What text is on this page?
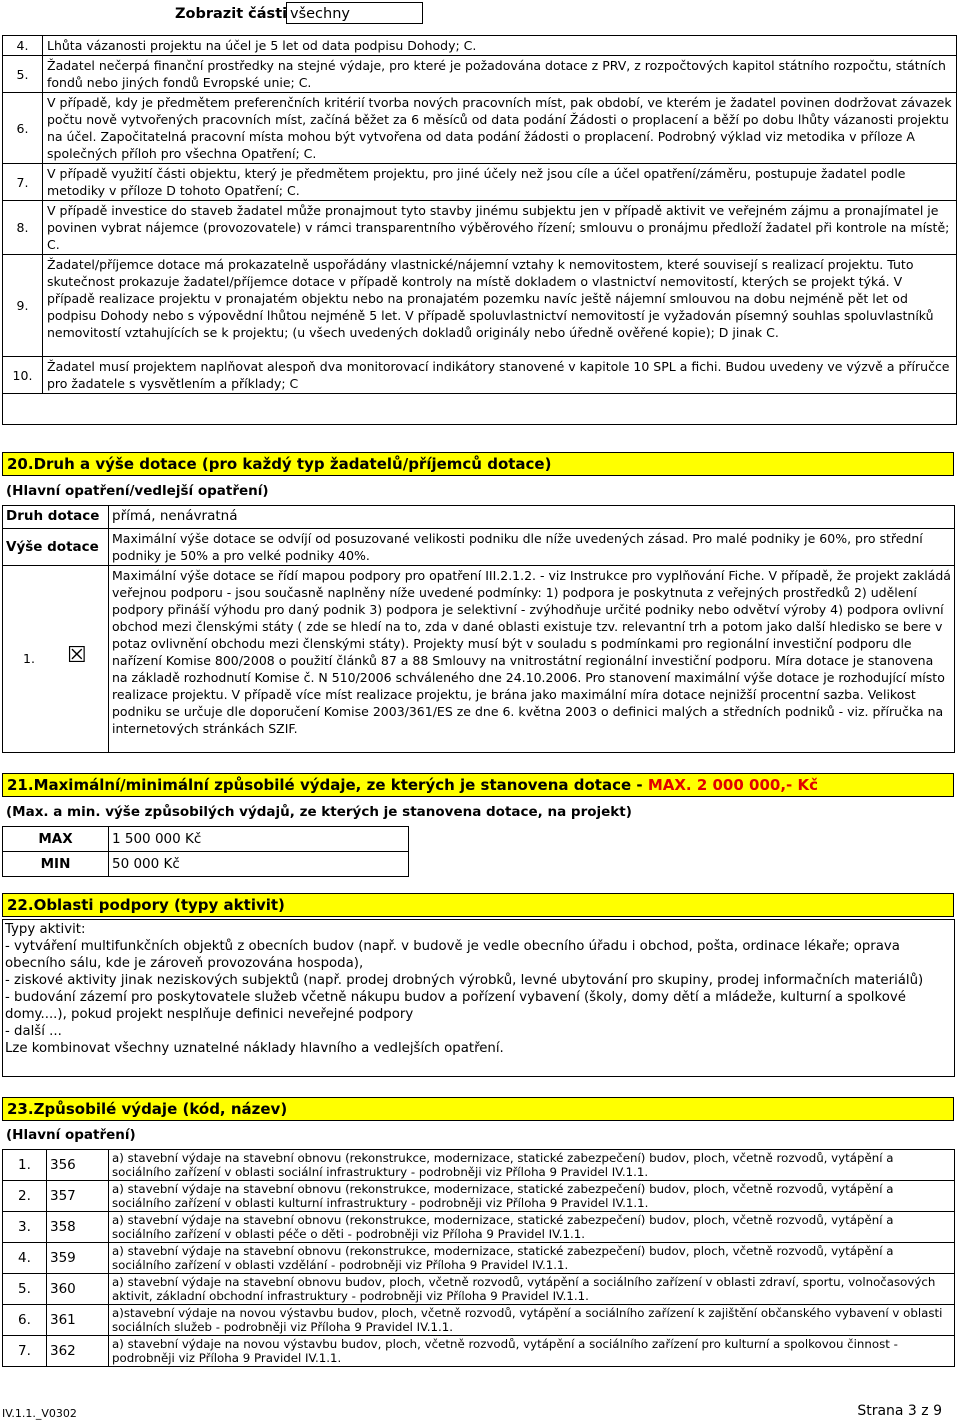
Zobrazit části všechny
4.	Lhůta vázanosti projektu na účel je 5 let od data podpisu Dohody; C.
5.	Žadatel nečerpá finanční prostředky na stejné výdaje, pro které je požadována dotace z PRV, z rozpočtových kapitol státního rozpočtu, státních fondů nebo jiných fondů Evropské unie; C.
6.	V případě, kdy je předmětem preferenčních kritérií tvorba nových pracovních míst, pak období, ve kterém je žadatel povinen dodržovat závazek počtu nově vytvořených pracovních míst, začíná běžet za 6 měsíců od data podání Žádosti o proplacení a běží po dobu lhůty vázanosti projektu na účel. Započitatelná pracovní místa mohou být vytvořena od data podání žádosti o proplacení. Podrobný výklad viz metodika v příloze A společných příloh pro všechna Opatření; C.
7.	V případě využití části objektu, který je předmětem projektu, pro jiné účely než jsou cíle a účel opatření/záměru, postupuje žadatel podle metodiky v příloze D tohoto Opatření; C.
8.	V případě investice do staveb žadatel může pronajmout tyto stavby jinému subjektu jen v případě aktivit ve veřejném zájmu a pronajímatel je povinen vybrat nájemce (provozovatele) v rámci transparentního výběrového řízení; smlouvu o pronájmu předloží žadatel při kontrole na místě; C.
9.	Žadatel/příjemce dotace má prokazatelně uspořádány vlastnické/nájemní vztahy k nemovitostem, které souvisejí s realizací projektu. Tuto skutečnost prokazuje žadatel/příjemce dotace v případě kontroly na místě dokladem o vlastnictví nemovitostí, kterých se projekt týká. V případě realizace projektu v pronajatém objektu nebo na pronajatém pozemku navíc ještě nájemní smlouvou na dobu nejméně pět let od podpisu Dohody nebo s výpovědní lhůtou nejméně 5 let. V případě spoluvlastnictví nemovitostí je vyžadován písemný souhlas spoluvlastníků nemovitostí vztahujících se k projektu; (u všech uvedených dokladů originály nebo úředně ověřené kopie); D jinak C.
10.	Žadatel musí projektem naplňovat alespoň dva monitorovací indikátory stanovené v kapitole 10 SPL a fichi. Budou uvedeny ve výzvě a příručce pro žadatele s vysvětlením a příklady; C

20.Druh a výše dotace (pro každý typ žadatelů/příjemců dotace)
(Hlavní opatření/vedlejší opatření)
Druh dotace	přímá, nenávratná
Výše dotace	Maximální výše dotace se odvíjí od posuzované velikosti podniku dle níže uvedených zásad. Pro malé podniky je 60%, pro střední podniky je 50% a pro velké podniky 40%.

1. ☒	Maximální výše dotace se řídí mapou podpory pro opatření III.2.1.2. - viz Instrukce pro vyplňování Fiche. V případě, že projekt zakládá veřejnou podporu - jsou současně naplněny níže uvedené podmínky: 1) podpora je poskytnuta z veřejných prostředků 2) udělení podpory přináší výhodu pro daný podnik 3) podpora je selektivní - zvýhodňuje určité podniky nebo odvětví výroby 4) podpora ovlivní obchod mezi členskými státy ( zde se hledí na to, zda v dané oblasti existuje tzv. relevantní trh a potom jako další hledisko se bere v potaz ovlivnění obchodu mezi členskými státy). Projekty musí být v souladu s podmínkami pro regionální investiční podporu dle nařízení Komise 800/2008 o použití článků 87 a 88 Smlouvy na vnitrostátní regionální investiční podporu. Míra dotace je stanovena na základě rozhodnutí Komise č. N 510/2006 schváleného dne 24.10.2006. Pro stanovení maximální výše dotace je rozhodující místo realizace projektu. V případě více míst realizace projektu, je brána jako maximální míra dotace nejnižší procentní sazba. Velikost podniku se určuje dle doporučení Komise 2003/361/ES ze dne 6. května 2003 o definici malých a středních podniků - viz. příručka na internetových stránkách SZIF.
21.Maximální/minimální způsobilé výdaje, ze kterých je stanovena dotace - MAX. 2 000 000,- Kč
(Max. a min. výše způsobilých výdajů, ze kterých je stanovena dotace, na projekt)
MAX	1 500 000 Kč
MIN	50 000 Kč
22.Oblasti podpory (typy aktivit)
Typy aktivit:
- vytváření multifunkčních objektů z obecních budov (např. v budově je vedle obecního úřadu i obchod, pošta, ordinace lékaře; oprava obecního sálu, kde je zároveň provozována hospoda),
- ziskové aktivity jinak neziskových subjektů (např. prodej drobných výrobků, levné ubytování pro skupiny, prodej informačních materiálů)
- budování zázemí pro poskytovatele služeb včetně nákupu budov a pořízení vybavení (školy, domy dětí a mládeže, kulturní a spolkové domy....), pokud projekt nesplňuje definici neveřejné podpory
- další ...
Lze kombinovat všechny uznatelné náklady hlavního a vedlejších opatření.
23.Způsobilé výdaje (kód, název)
(Hlavní opatření)
1.	356	a) stavební výdaje na stavební obnovu (rekonstrukce, modernizace, statické zabezpečení) budov, ploch, včetně rozvodů, vytápění a sociálního zařízení v oblasti sociální infrastruktury - podrobněji viz Příloha 9 Pravidel IV.1.1.
2.	357	a) stavební výdaje na stavební obnovu (rekonstrukce, modernizace, statické zabezpečení) budov, ploch, včetně rozvodů, vytápění a sociálního zařízení v oblasti kulturní infrastruktury - podrobněji viz Příloha 9 Pravidel IV.1.1.
3.	358	a) stavební výdaje na stavební obnovu (rekonstrukce, modernizace, statické zabezpečení) budov, ploch, včetně rozvodů, vytápění a sociálního zařízení v oblasti péče o děti - podrobněji viz Příloha 9 Pravidel IV.1.1.
4.	359	a) stavební výdaje na stavební obnovu (rekonstrukce, modernizace, statické zabezpečení) budov, ploch, včetně rozvodů, vytápění a sociálního zařízení v oblasti vzdělání - podrobněji viz Příloha 9 Pravidel IV.1.1.
5.	360	a) stavební výdaje na stavební obnovu budov, ploch, včetně rozvodů, vytápění a sociálního zařízení v oblasti zdraví, sportu, volnočasových aktivit, základní obchodní infrastruktury - podrobněji viz Příloha 9 Pravidel IV.1.1.
6.	361	a)stavební výdaje na novou výstavbu budov, ploch, včetně rozvodů, vytápění a sociálního zařízení k zajištění občanského vybavení v oblasti sociálních služeb - podrobněji viz Příloha 9 Pravidel IV.1.1.
7.	362	a) stavební výdaje na novou výstavbu budov, ploch, včetně rozvodů, vytápění a sociálního zařízení pro kulturní a spolkovou činnost - podrobněji viz Příloha 9 Pravidel IV.1.1.
IV.1.1._V0302	Strana 3 z 9
